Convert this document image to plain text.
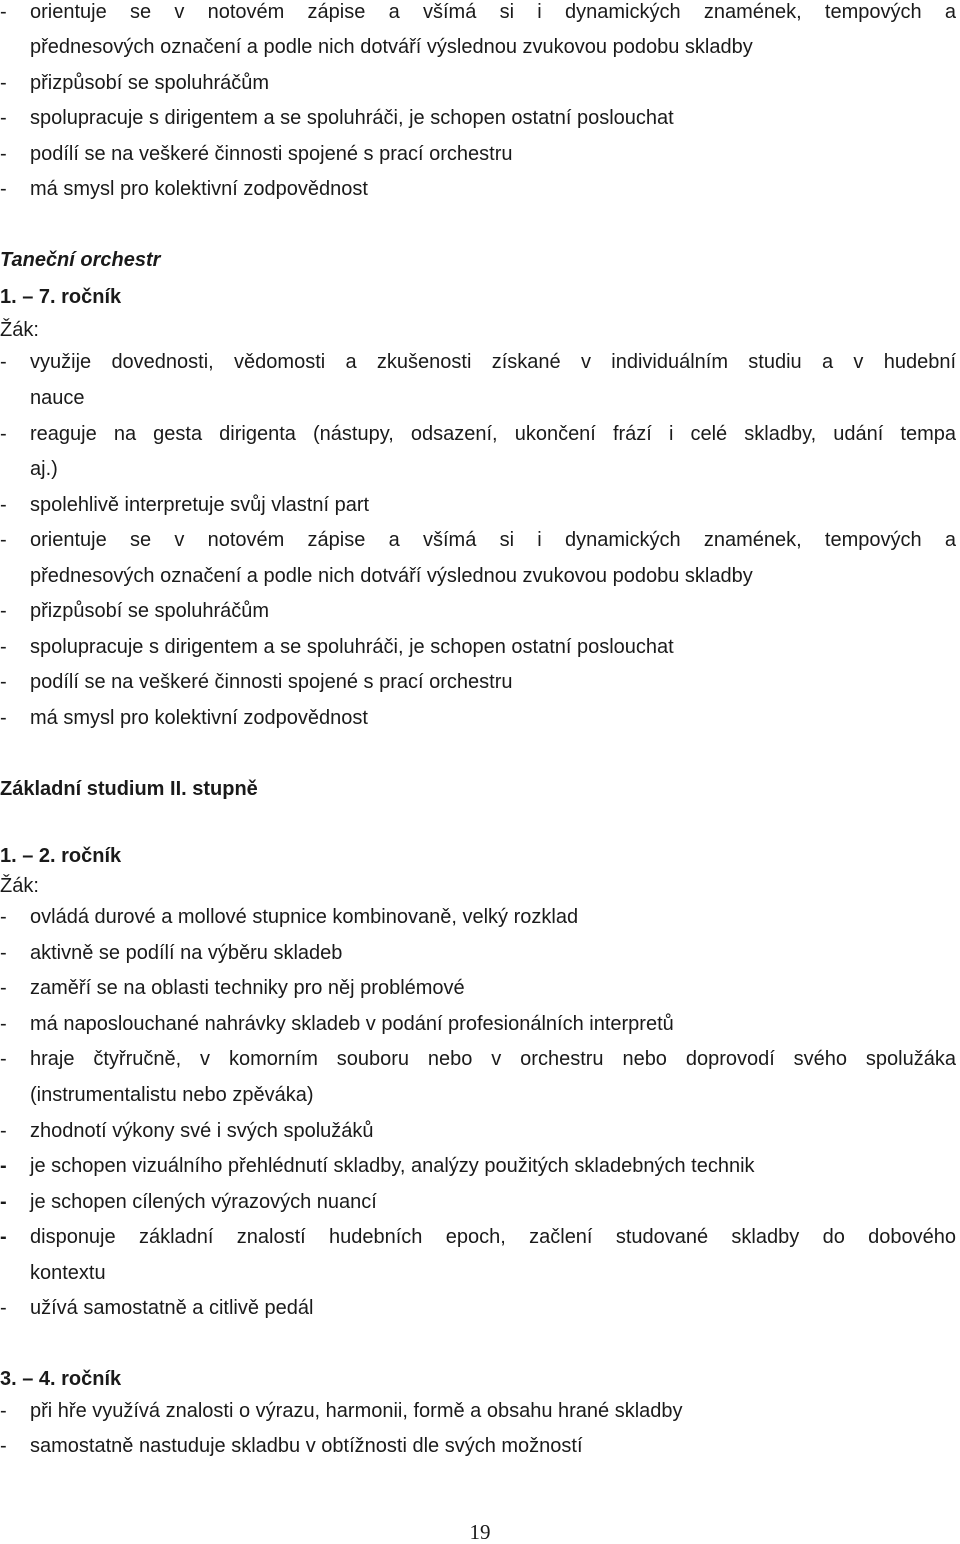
- orientuje se v notovém zápise a všímá si i dynamických znamének, tempových a
přednesových označení a podle nich dotváří výslednou zvukovou podobu skladby
- přizpůsobí se spoluhráčům
- spolupracuje s dirigentem a se spoluhráči, je schopen ostatní poslouchat
- podílí se na veškeré činnosti spojené s prací orchestru
- má smysl pro kolektivní zodpovědnost
Taneční orchestr
1. – 7. ročník
Žák:
- využije dovednosti, vědomosti a zkušenosti získané v individuálním studiu a v hudební
nauce
- reaguje na gesta dirigenta (nástupy, odsazení, ukončení frází i celé skladby, udání tempa
aj.)
- spolehlivě interpretuje svůj vlastní part
- orientuje se v notovém zápise a všímá si i dynamických znamének, tempových a
přednesových označení a podle nich dotváří výslednou zvukovou podobu skladby
- přizpůsobí se spoluhráčům
- spolupracuje s dirigentem a se spoluhráči, je schopen ostatní poslouchat
- podílí se na veškeré činnosti spojené s prací orchestru
- má smysl pro kolektivní zodpovědnost
Základní studium II. stupně
1. – 2. ročník
Žák:
- ovládá durové a mollové stupnice kombinovaně, velký rozklad
- aktivně se podílí na výběru skladeb
- zaměří se na oblasti techniky pro něj problémové
- má naposlouchané nahrávky skladeb v podání profesionálních interpretů
- hraje čtyřručně, v komorním souboru nebo v orchestru nebo doprovodí svého spolužáka
(instrumentalistu nebo zpěváka)
- zhodnotí výkony své i svých spolužáků
- je schopen vizuálního přehlédnutí skladby, analýzy použitých skladebných technik
- je schopen cílených výrazových nuancí
- disponuje základní znalostí hudebních epoch, začlení studované skladby do dobového
kontextu
- užívá samostatně a citlivě pedál
3. – 4. ročník
- při hře využívá znalosti o výrazu, harmonii, formě a obsahu hrané skladby
- samostatně nastuduje skladbu v obtížnosti dle svých možností
19
